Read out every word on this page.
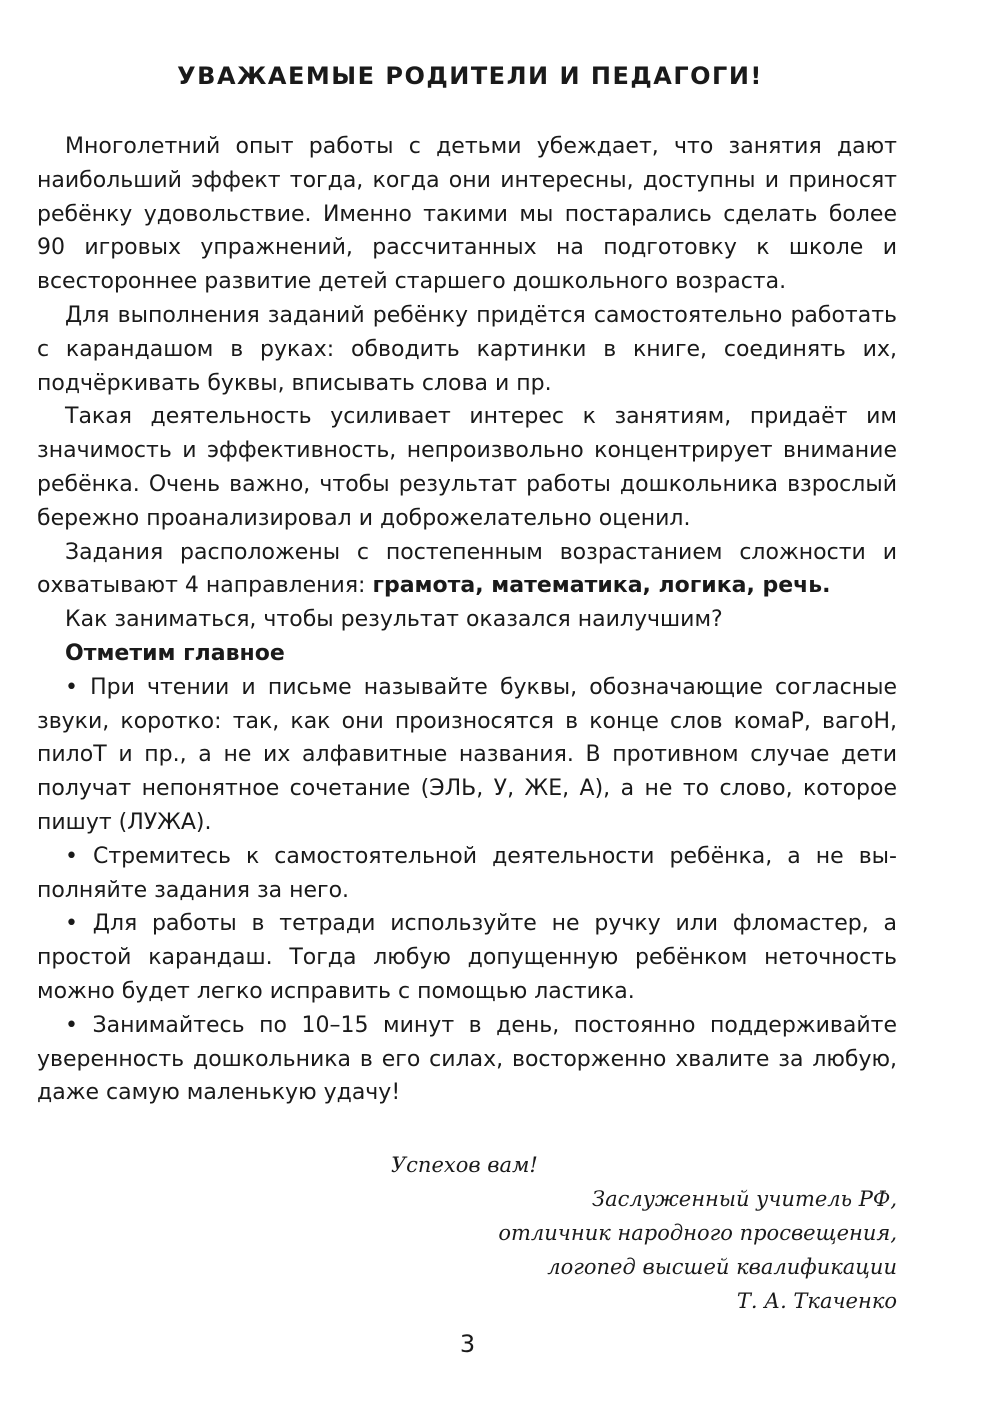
УВАЖАЕМЫЕ РОДИТЕЛИ И ПЕДАГОГИ!

Многолетний опыт работы с детьми убеждает, что занятия дают наибольший эффект тогда, когда они интересны, доступны и приносят ребёнку удовольствие. Именно такими мы постарались сделать более 90 игровых упражнений, рассчитанных на подготовку к школе и всестороннее развитие детей старшего дошкольного возраста.

Для выполнения заданий ребёнку придётся самостоятельно работать с карандашом в руках: обводить картинки в книге, соединять их, подчёркивать буквы, вписывать слова и пр.

Такая деятельность усиливает интерес к занятиям, придаёт им значимость и эффективность, непроизвольно концентрирует внимание ребёнка. Очень важно, чтобы результат работы дошкольника взрослый бережно проанализировал и доброжелательно оценил.

Задания расположены с постепенным возрастанием сложности и охватывают 4 направления: грамота, математика, логика, речь.

Как заниматься, чтобы результат оказался наилучшим?

Отметим главное

• При чтении и письме называйте буквы, обозначающие согласные звуки, коротко: так, как они произносятся в конце слов комаР, вагоН, пилоТ и пр., а не их алфавитные названия. В противном случае дети получат непонятное сочетание (ЭЛЬ, У, ЖЕ, А), а не то слово, которое пишут (ЛУЖА).

• Стремитесь к самостоятельной деятельности ребёнка, а не выполняйте задания за него.

• Для работы в тетради используйте не ручку или фломастер, а простой карандаш. Тогда любую допущенную ребёнком неточность можно будет легко исправить с помощью ластика.

• Занимайтесь по 10–15 минут в день, постоянно поддерживайте уверенность дошкольника в его силах, восторженно хвалите за любую, даже самую маленькую удачу!

Успехов вам!
Заслуженный учитель РФ,
отличник народного просвещения,
логопед высшей квалификации
Т. А. Ткаченко
3
